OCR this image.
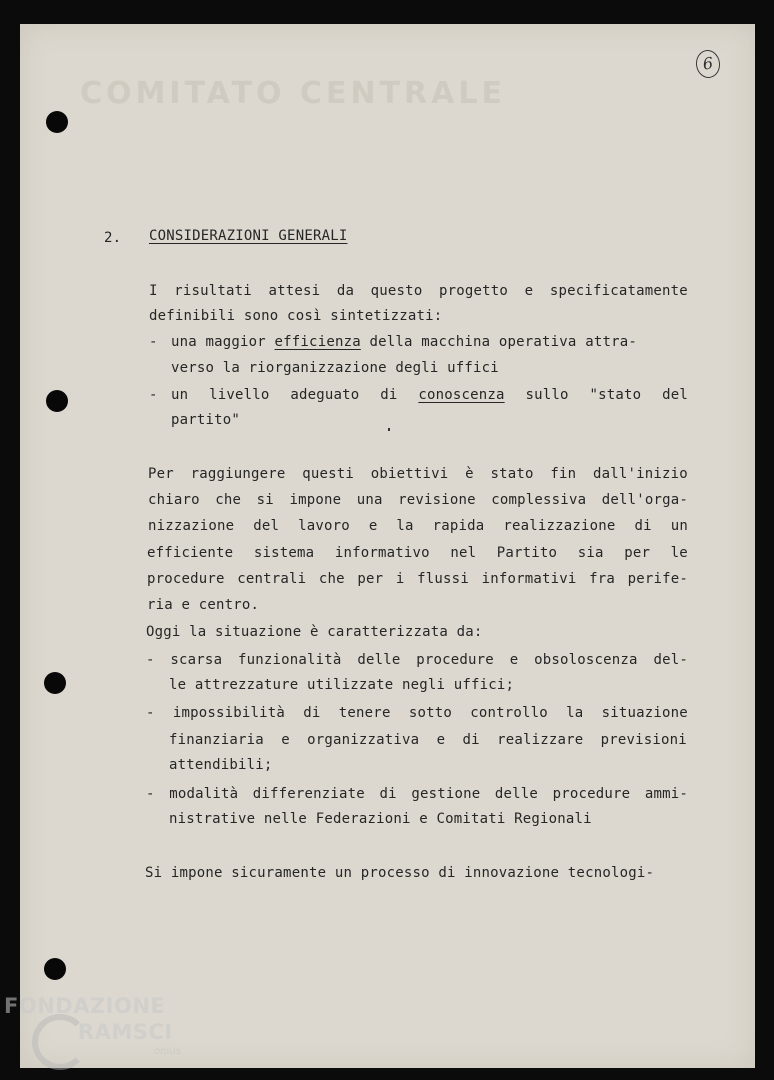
COMITATO CENTRALE
6
2. CONSIDERAZIONI GENERALI
I risultati attesi da questo progetto e specificatamente
definibili sono così sintetizzati:
- una maggior efficienza della macchina operativa attra-
verso la riorganizzazione degli uffici
- un livello adeguato di conoscenza sullo "stato del
partito"
Per raggiungere questi obiettivi è stato fin dall'inizio
chiaro che si impone una revisione complessiva dell'orga-
nizzazione del lavoro e la rapida realizzazione di un
efficiente sistema informativo nel Partito sia per le
procedure centrali che per i flussi informativi fra perife-
ria e centro.
Oggi la situazione è caratterizzata da:
- scarsa funzionalità delle procedure e obsoloscenza del-
le attrezzature utilizzate negli uffici;
- impossibilità di tenere sotto controllo la situazione
finanziaria e organizzativa e di realizzare previsioni
attendibili;
- modalità differenziate di gestione delle procedure ammi-
nistrative nelle Federazioni e Comitati Regionali
Si impone sicuramente un processo di innovazione tecnologi-
FONDAZIONE
RAMSCI
onlus
